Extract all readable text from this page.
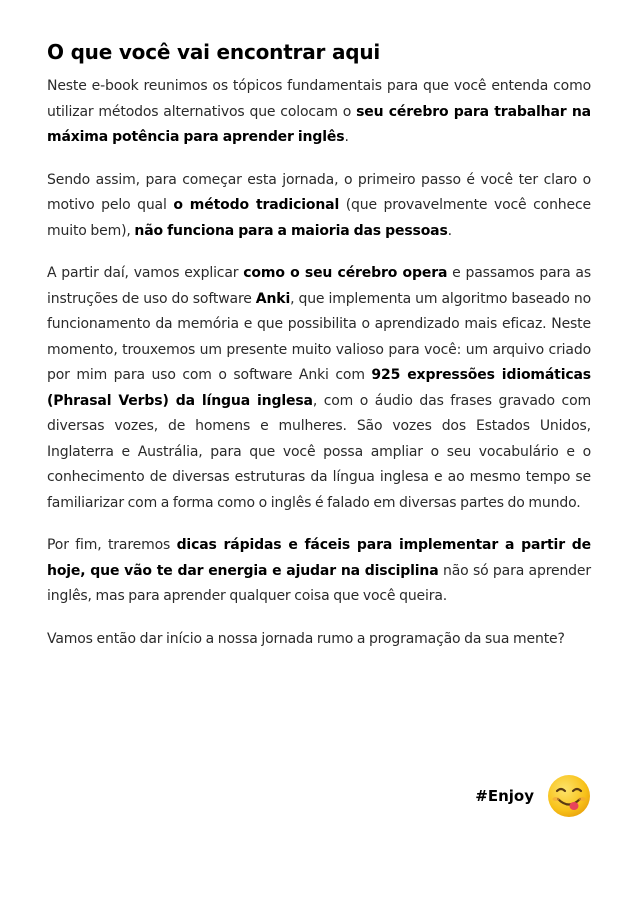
O que você vai encontrar aqui

Neste e-book reunimos os tópicos fundamentais para que você entenda como utilizar métodos alternativos que colocam o seu cérebro para trabalhar na máxima potência para aprender inglês.

Sendo assim, para começar esta jornada, o primeiro passo é você ter claro o motivo pelo qual o método tradicional (que provavelmente você conhece muito bem), não funciona para a maioria das pessoas.

A partir daí, vamos explicar como o seu cérebro opera e passamos para as instruções de uso do software Anki, que implementa um algoritmo baseado no funcionamento da memória e que possibilita o aprendizado mais eficaz. Neste momento, trouxemos um presente muito valioso para você: um arquivo criado por mim para uso com o software Anki com 925 expressões idiomáticas (Phrasal Verbs) da língua inglesa, com o áudio das frases gravado com diversas vozes, de homens e mulheres. São vozes dos Estados Unidos, Inglaterra e Austrália, para que você possa ampliar o seu vocabulário e o conhecimento de diversas estruturas da língua inglesa e ao mesmo tempo se familiarizar com a forma como o inglês é falado em diversas partes do mundo.

Por fim, traremos dicas rápidas e fáceis para implementar a partir de hoje, que vão te dar energia e ajudar na disciplina não só para aprender inglês, mas para aprender qualquer coisa que você queira.

Vamos então dar início a nossa jornada rumo a programação da sua mente?

#Enjoy
